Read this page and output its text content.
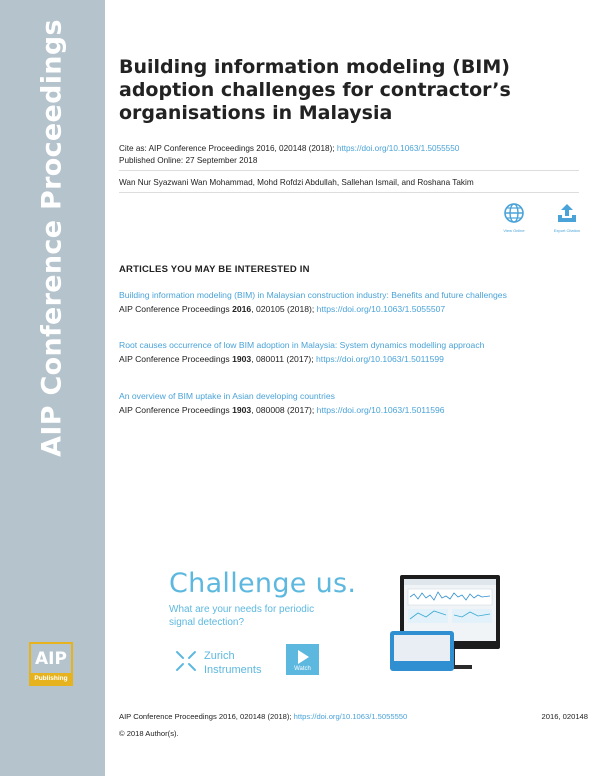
AIP Conference Proceedings
AIP
Publishing
Building information modeling (BIM) adoption challenges for contractor’s organisations in Malaysia
Cite as: AIP Conference Proceedings 2016, 020148 (2018); https://doi.org/10.1063/1.5055550
Published Online: 27 September 2018
Wan Nur Syazwani Wan Mohammad, Mohd Rofdzi Abdullah, Sallehan Ismail, and Roshana Takim
View Online	Export Citation
ARTICLES YOU MAY BE INTERESTED IN
Building information modeling (BIM) in Malaysian construction industry: Benefits and future challenges
AIP Conference Proceedings 2016, 020105 (2018); https://doi.org/10.1063/1.5055507
Root causes occurrence of low BIM adoption in Malaysia: System dynamics modelling approach
AIP Conference Proceedings 1903, 080011 (2017); https://doi.org/10.1063/1.5011599
An overview of BIM uptake in Asian developing countries
AIP Conference Proceedings 1903, 080008 (2017); https://doi.org/10.1063/1.5011596
Challenge us.
What are your needs for periodic
signal detection?
Zurich
Instruments	Watch
AIP Conference Proceedings 2016, 020148 (2018); https://doi.org/10.1063/1.5055550	2016, 020148
© 2018 Author(s).
